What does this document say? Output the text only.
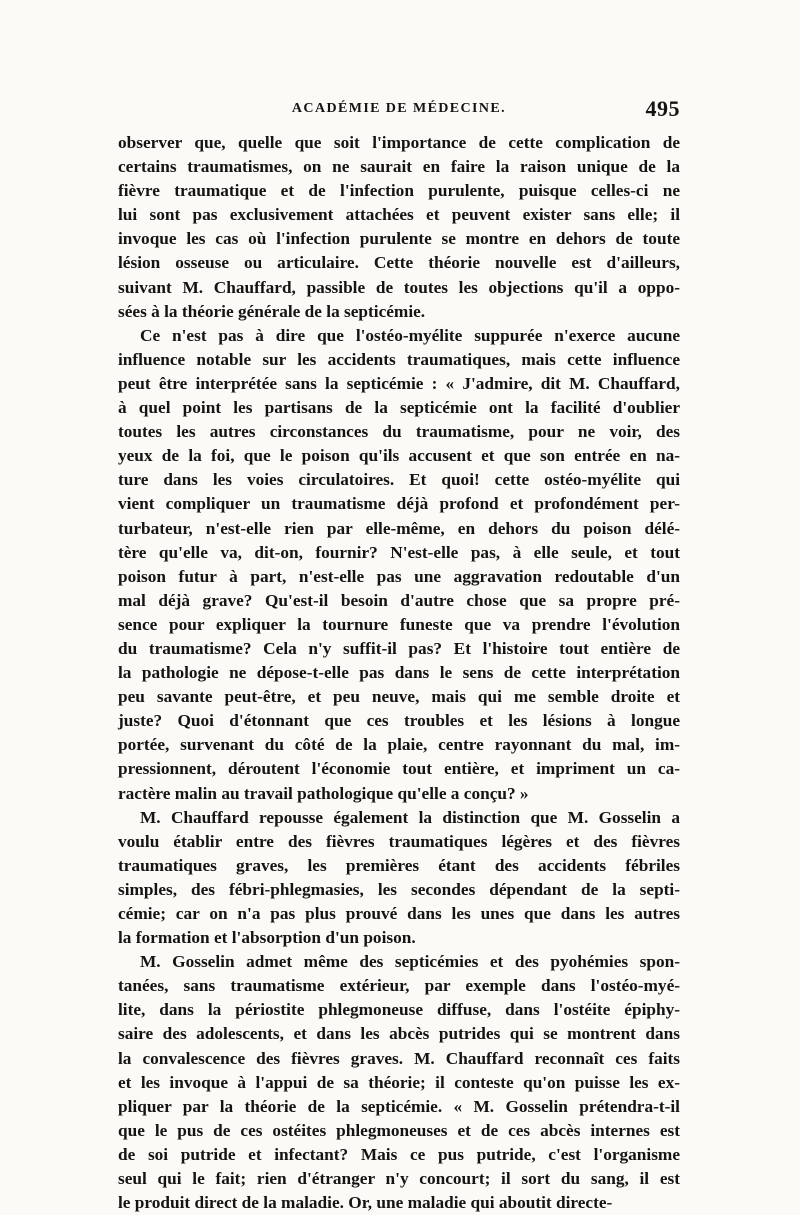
ACADÉMIE DE MÉDECINE.	495
observer que, quelle que soit l'importance de cette complication de
certains traumatismes, on ne saurait en faire la raison unique de la
fièvre traumatique et de l'infection purulente, puisque celles-ci ne
lui sont pas exclusivement attachées et peuvent exister sans elle; il
invoque les cas où l'infection purulente se montre en dehors de toute
lésion osseuse ou articulaire. Cette théorie nouvelle est d'ailleurs,
suivant M. Chauffard, passible de toutes les objections qu'il a oppo-
sées à la théorie générale de la septicémie.
Ce n'est pas à dire que l'ostéo-myélite suppurée n'exerce aucune
influence notable sur les accidents traumatiques, mais cette influence
peut être interprétée sans la septicémie : « J'admire, dit M. Chauffard,
à quel point les partisans de la septicémie ont la facilité d'oublier
toutes les autres circonstances du traumatisme, pour ne voir, des
yeux de la foi, que le poison qu'ils accusent et que son entrée en na-
ture dans les voies circulatoires. Et quoi! cette ostéo-myélite qui
vient compliquer un traumatisme déjà profond et profondément per-
turbateur, n'est-elle rien par elle-même, en dehors du poison délé-
tère qu'elle va, dit-on, fournir? N'est-elle pas, à elle seule, et tout
poison futur à part, n'est-elle pas une aggravation redoutable d'un
mal déjà grave? Qu'est-il besoin d'autre chose que sa propre pré-
sence pour expliquer la tournure funeste que va prendre l'évolution
du traumatisme? Cela n'y suffit-il pas? Et l'histoire tout entière de
la pathologie ne dépose-t-elle pas dans le sens de cette interprétation
peu savante peut-être, et peu neuve, mais qui me semble droite et
juste? Quoi d'étonnant que ces troubles et les lésions à longue
portée, survenant du côté de la plaie, centre rayonnant du mal, im-
pressionnent, déroutent l'économie tout entière, et impriment un ca-
ractère malin au travail pathologique qu'elle a conçu? »
M. Chauffard repousse également la distinction que M. Gosselin a
voulu établir entre des fièvres traumatiques légères et des fièvres
traumatiques graves, les premières étant des accidents fébriles
simples, des fébri-phlegmasies, les secondes dépendant de la septi-
cémie; car on n'a pas plus prouvé dans les unes que dans les autres
la formation et l'absorption d'un poison.
M. Gosselin admet même des septicémies et des pyohémies spon-
tanées, sans traumatisme extérieur, par exemple dans l'ostéo-myé-
lite, dans la périostite phlegmoneuse diffuse, dans l'ostéite épiphy-
saire des adolescents, et dans les abcès putrides qui se montrent dans
la convalescence des fièvres graves. M. Chauffard reconnaît ces faits
et les invoque à l'appui de sa théorie; il conteste qu'on puisse les ex-
pliquer par la théorie de la septicémie. « M. Gosselin prétendra-t-il
que le pus de ces ostéites phlegmoneuses et de ces abcès internes est
de soi putride et infectant? Mais ce pus putride, c'est l'organisme
seul qui le fait; rien d'étranger n'y concourt; il sort du sang, il est
le produit direct de la maladie. Or, une maladie qui aboutit directe-
